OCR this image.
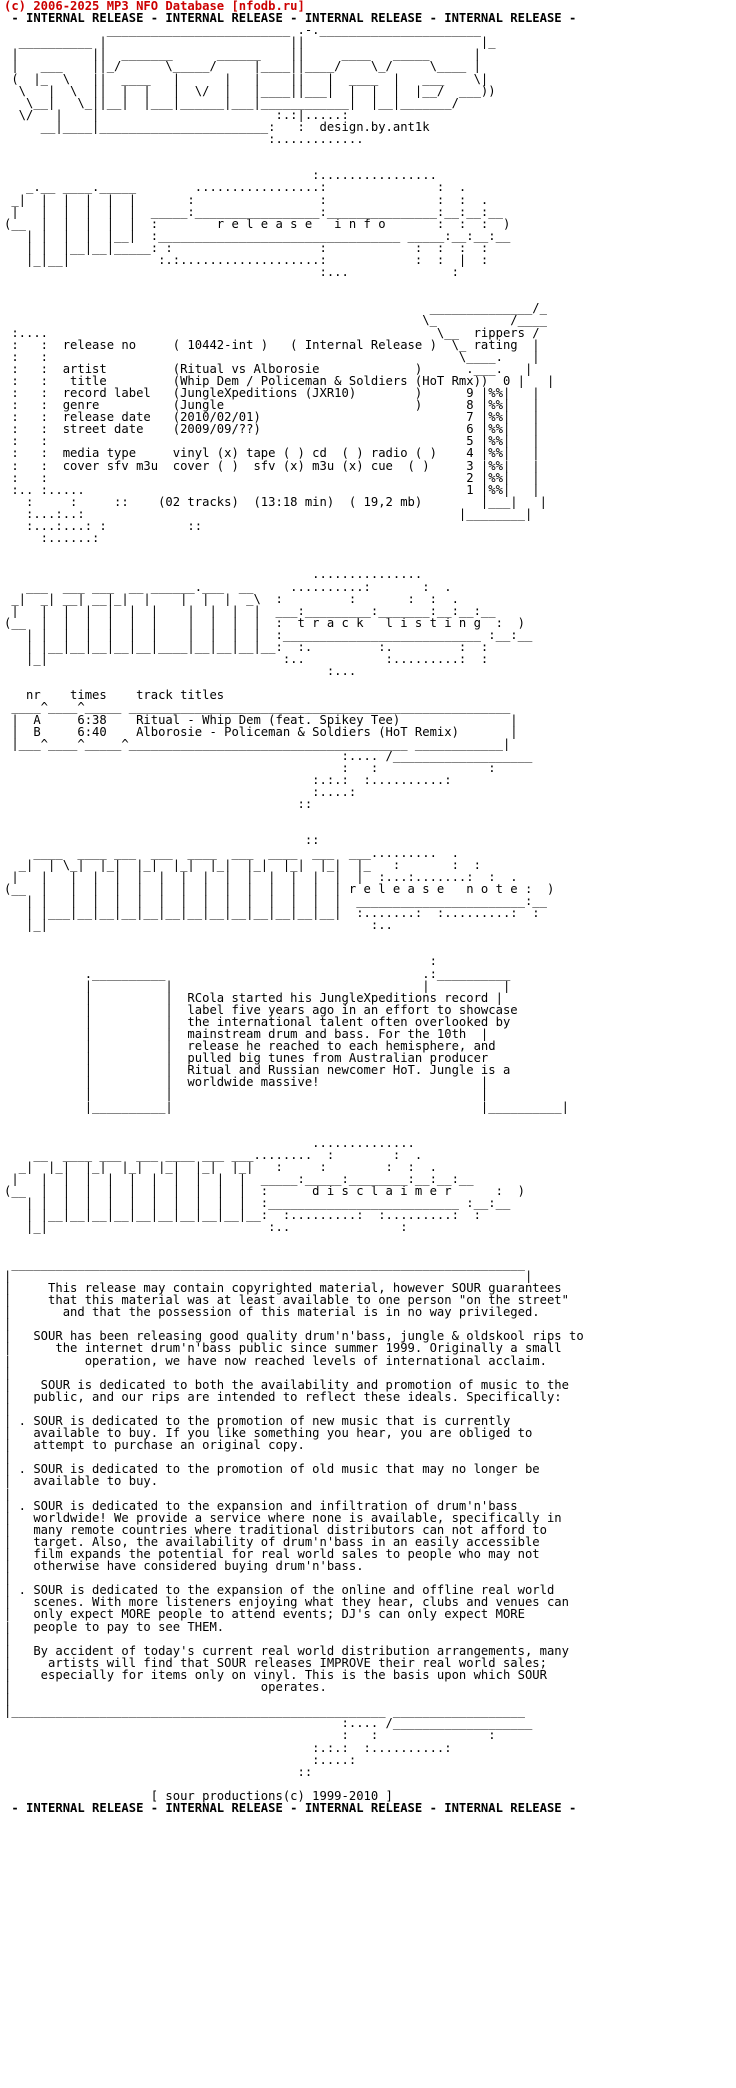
(c) 2006-2025 MP3 NFO Database [nfodb.ru]
- INTERNAL RELEASE - INTERNAL RELEASE - INTERNAL RELEASE - INTERNAL RELEASE -
_________________________ .-.______________________
__________ |                         ||                        |_
|          ||  _______      ______    ||     ____   _____      |
|   ___    ||_/      \_____/     |____||____/    \_/     \____ |
(  |_  \   ||  ____   |      |   |    ||   |  ____  |   ___    \|
\   |  \  ||  |  |   |  \/  |   |____||___|  |  |  |  |__/  ___))
\__|   \_||__|  |___|______|___|____________|  |__|_______/
\/   |    |                        :.:|.....:
__|____|_______________________:   :  design.by.ant1k
:............
:................
_.__ ____._____        .................:               :  .
_|  |  |  |  |  |       :                 :               :  :  .
|   |  |  |  |  |  _____:_________________:_______________:__:__:__
(__  |  |  |  |  |  :        r e l e a s e   i n f o       :  :  :  )
| |  |  |  |__|  :_________________________________ _____:__:__:__
| |  |__|__|_____: :                    :            :  :  :  :
|_|__|            :.:...................:            :  :  |  :
:...              :
______________/_
\_          /____
:....                                                     \__  rippers /
:   :  release no     ( 10442-int )   ( Internal Release )  \_ rating  |
:   :                                                        \____.    |
:   :  artist         (Ritual vs Alborosie             )      .___.   |
:   :   title         (Whip Dem / Policeman & Soldiers (HoT Rmx))  0 |   |
:   :  record label   (JungleXpeditions (JXR10)        )      9 |%%|   |
:   :  genre          (Jungle                          )      8 |%%|   |
:   :  release date   (2010/02/01)                            7 |%%|   |
:   :  street date    (2009/09/??)                            6 |%%|   |
:   :                                                         5 |%%|   |
:   :  media type     vinyl (x) tape ( ) cd  ( ) radio ( )    4 |%%|   |
:   :  cover sfv m3u  cover ( )  sfv (x) m3u (x) cue  ( )     3 |%%|   |
:   :                                                         2 |%%|   |
:.. :.....                                                    1 |%%|   |
:     :     ::    (02 tracks)  (13:18 min)  ( 19,2 mb)        |___|   |
:...:..:                                                   |________|
:...:...: :           ::
:......:
...............
___  ___ ___  __ ______.___  __     ..........:       :  .
_|  _| __| __|_|  |    |  |  |  _\  :         :       :  :  .
|   |  |  |  |  |  |    |  |  |  |  ___:_________:_______:__:__:__
(__  |  |  |  |  |  |    |  |  |  |  :  t r a c k   l i s t i n g  :  )
| |  |  |  |  |  |    |  |  |  |  :___________________________ :__:__
| |__|__|__|__|__|____|__|__|__|__:  :.         :.         :  :
|_|                                :..           :.........:  :
:...
nr    times    track titles
____^____^_____ ____________________________________________________
|  A     6:38    Ritual - Whip Dem (feat. Spikey Tee)               |
|  B     6:40    Alborosie - Policeman & Soldiers (HoT Remix)       |
|___^____^_____^______________________________________ ____________|
:.... /___________________
:   :               :
:.:.:  :..........:
:....:
::
::
____  ____ ___  ___  ____  ___  ____  ___  ___.........  .
_|  | \_|  |_|  |_|  |_|  |_|  |_|  |_|  |_|  |_   :       :  :
|   |   |  |  |  |  |  |  |  |  |  |  |  |  |  |  :...:.......:  :  .
(__  |   |  |  |  |  |  |  |  |  |  |  |  |  | r e l e a s e   n o t e :  )
| |   |  |  |  |  |  |  |  |  |  |  |  |  |  _______________________:__
| |___|__|__|__|__|__|__|__|__|__|__|__|__|  :.......:  :.........:  :
|_|                                            :..
:
.__________                                   .:__________
|          |                                  |          |
|          |  RCola started his JungleXpeditions record |
|          |  label five years ago in an effort to showcase
|          |  the international talent often overlooked by
|          |  mainstream drum and bass. For the 10th  |
|          |  release he reached to each hemisphere, and
|          |  pulled big tunes from Australian producer
|          |  Ritual and Russian newcomer HoT. Jungle is a
|          |  worldwide massive!                      |
|          |                                          |
|__________|                                          |__________|
..............
__  ____ ___  ___ ____ ___ ___........  :        :  .
_|  |_|  |_|  |_|  |_|  |_|  |_|   :     :        :  :  .
|   |  |  |  |  |  |  |  |  |  |  _____:_____:________:__:__:__
(__  |  |  |  |  |  |  |  |  |  |  :      d i s c l a i m e r      :  )
| |  |  |  |  |  |  |  |  |  |  :__________________________ :__:__
| |__|__|__|__|__|__|__|__|__|__:  :.........:  :.........:  :
|_|                              :..               :
______________________________________________________________________
|                                                                      |
|     This release may contain copyrighted material, however SOUR guarantees
|     that this material was at least available to one person "on the street"
|       and that the possession of this material is in no way privileged.
|
|   SOUR has been releasing good quality drum'n'bass, jungle & oldskool rips to
|      the internet drum'n'bass public since summer 1999. Originally a small
|          operation, we have now reached levels of international acclaim.
|
|    SOUR is dedicated to both the availability and promotion of music to the
|   public, and our rips are intended to reflect these ideals. Specifically:
|
| . SOUR is dedicated to the promotion of new music that is currently
|   available to buy. If you like something you hear, you are obliged to
|   attempt to purchase an original copy.
|
| . SOUR is dedicated to the promotion of old music that may no longer be
|   available to buy.
|
| . SOUR is dedicated to the expansion and infiltration of drum'n'bass
|   worldwide! We provide a service where none is available, specifically in
|   many remote countries where traditional distributors can not afford to
|   target. Also, the availability of drum'n'bass in an easily accessible
|   film expands the potential for real world sales to people who may not
|   otherwise have considered buying drum'n'bass.
|
| . SOUR is dedicated to the expansion of the online and offline real world
|   scenes. With more listeners enjoying what they hear, clubs and venues can
|   only expect MORE people to attend events; DJ's can only expect MORE
|   people to pay to see THEM.
|
|   By accident of today's current real world distribution arrangements, many
|     artists will find that SOUR releases IMPROVE their real world sales;
|    especially for items only on vinyl. This is the basis upon which SOUR
|                                  operates.
|
|___________________________________________________ __________________
:.... /___________________
:   :               :
:.:.:  :..........:
:....:
::
[ sour productions(c) 1999-2010 ]
- INTERNAL RELEASE - INTERNAL RELEASE - INTERNAL RELEASE - INTERNAL RELEASE -
